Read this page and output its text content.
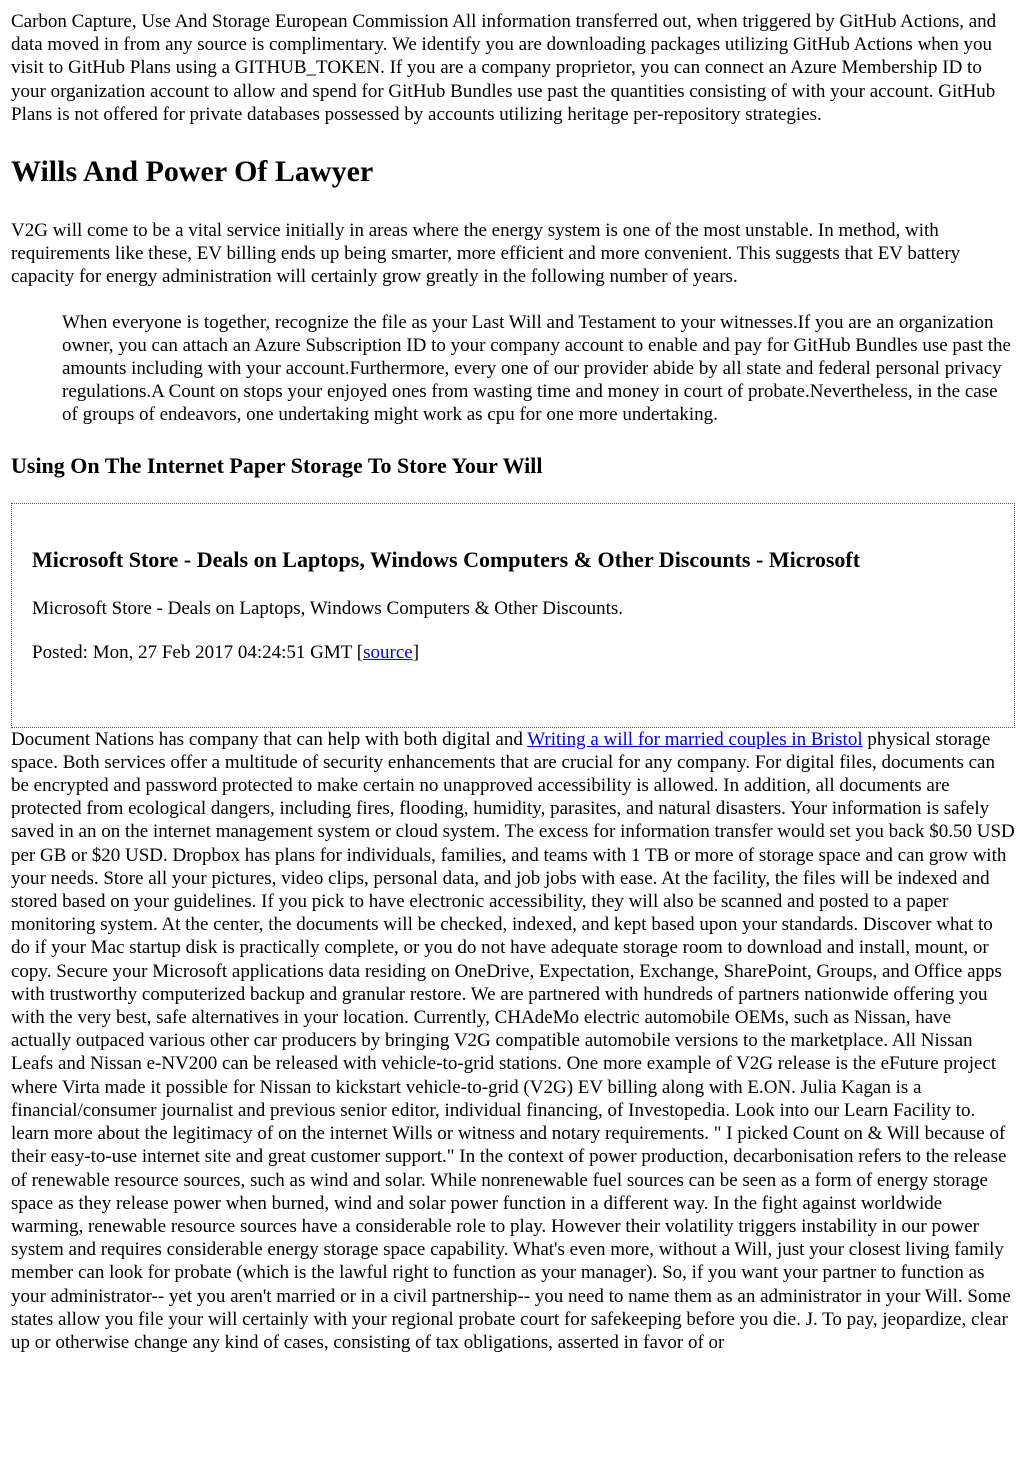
Carbon Capture, Use And Storage European Commission All information transferred out, when triggered by GitHub Actions, and data moved in from any source is complimentary. We identify you are downloading packages utilizing GitHub Actions when you visit to GitHub Plans using a GITHUB_TOKEN. If you are a company proprietor, you can connect an Azure Membership ID to your organization account to allow and spend for GitHub Bundles use past the quantities consisting of with your account. GitHub Plans is not offered for private databases possessed by accounts utilizing heritage per-repository strategies.

Wills And Power Of Lawyer

V2G will come to be a vital service initially in areas where the energy system is one of the most unstable. In method, with requirements like these, EV billing ends up being smarter, more efficient and more convenient. This suggests that EV battery capacity for energy administration will certainly grow greatly in the following number of years.

When everyone is together, recognize the file as your Last Will and Testament to your witnesses.If you are an organization owner, you can attach an Azure Subscription ID to your company account to enable and pay for GitHub Bundles use past the amounts including with your account.Furthermore, every one of our provider abide by all state and federal personal privacy regulations.A Count on stops your enjoyed ones from wasting time and money in court of probate.Nevertheless, in the case of groups of endeavors, one undertaking might work as cpu for one more undertaking.
Using On The Internet Paper Storage To Store Your Will
Microsoft Store - Deals on Laptops, Windows Computers & Other Discounts - Microsoft

Microsoft Store - Deals on Laptops, Windows Computers & Other Discounts.

Posted: Mon, 27 Feb 2017 04:24:51 GMT [source]

Document Nations has company that can help with both digital and Writing a will for married couples in Bristol physical storage space. Both services offer a multitude of security enhancements that are crucial for any company. For digital files, documents can be encrypted and password protected to make certain no unapproved accessibility is allowed. In addition, all documents are protected from ecological dangers, including fires, flooding, humidity, parasites, and natural disasters. Your information is safely saved in an on the internet management system or cloud system. The excess for information transfer would set you back $0.50 USD per GB or $20 USD. Dropbox has plans for individuals, families, and teams with 1 TB or more of storage space and can grow with your needs. Store all your pictures, video clips, personal data, and job jobs with ease. At the facility, the files will be indexed and stored based on your guidelines. If you pick to have electronic accessibility, they will also be scanned and posted to a paper monitoring system. At the center, the documents will be checked, indexed, and kept based upon your standards. Discover what to do if your Mac startup disk is practically complete, or you do not have adequate storage room to download and install, mount, or copy. Secure your Microsoft applications data residing on OneDrive, Expectation, Exchange, SharePoint, Groups, and Office apps with trustworthy computerized backup and granular restore. We are partnered with hundreds of partners nationwide offering you with the very best, safe alternatives in your location. Currently, CHAdeMo electric automobile OEMs, such as Nissan, have actually outpaced various other car producers by bringing V2G compatible automobile versions to the marketplace. All Nissan Leafs and Nissan e-NV200 can be released with vehicle-to-grid stations. One more example of V2G release is the eFuture project where Virta made it possible for Nissan to kickstart vehicle-to-grid (V2G) EV billing along with E.ON. Julia Kagan is a financial/consumer journalist and previous senior editor, individual financing, of Investopedia. Look into our Learn Facility to. learn more about the legitimacy of on the internet Wills or witness and notary requirements. " I picked Count on & Will because of their easy-to-use internet site and great customer support." In the context of power production, decarbonisation refers to the release of renewable resource sources, such as wind and solar. While nonrenewable fuel sources can be seen as a form of energy storage space as they release power when burned, wind and solar power function in a different way. In the fight against worldwide warming, renewable resource sources have a considerable role to play. However their volatility triggers instability in our power system and requires considerable energy storage space capability. What's even more, without a Will, just your closest living family member can look for probate (which is the lawful right to function as your manager). So, if you want your partner to function as your administrator-- yet you aren't married or in a civil partnership-- you need to name them as an administrator in your Will. Some states allow you file your will certainly with your regional probate court for safekeeping before you die. J. To pay, jeopardize, clear up or otherwise change any kind of cases, consisting of tax obligations, asserted in favor of or
